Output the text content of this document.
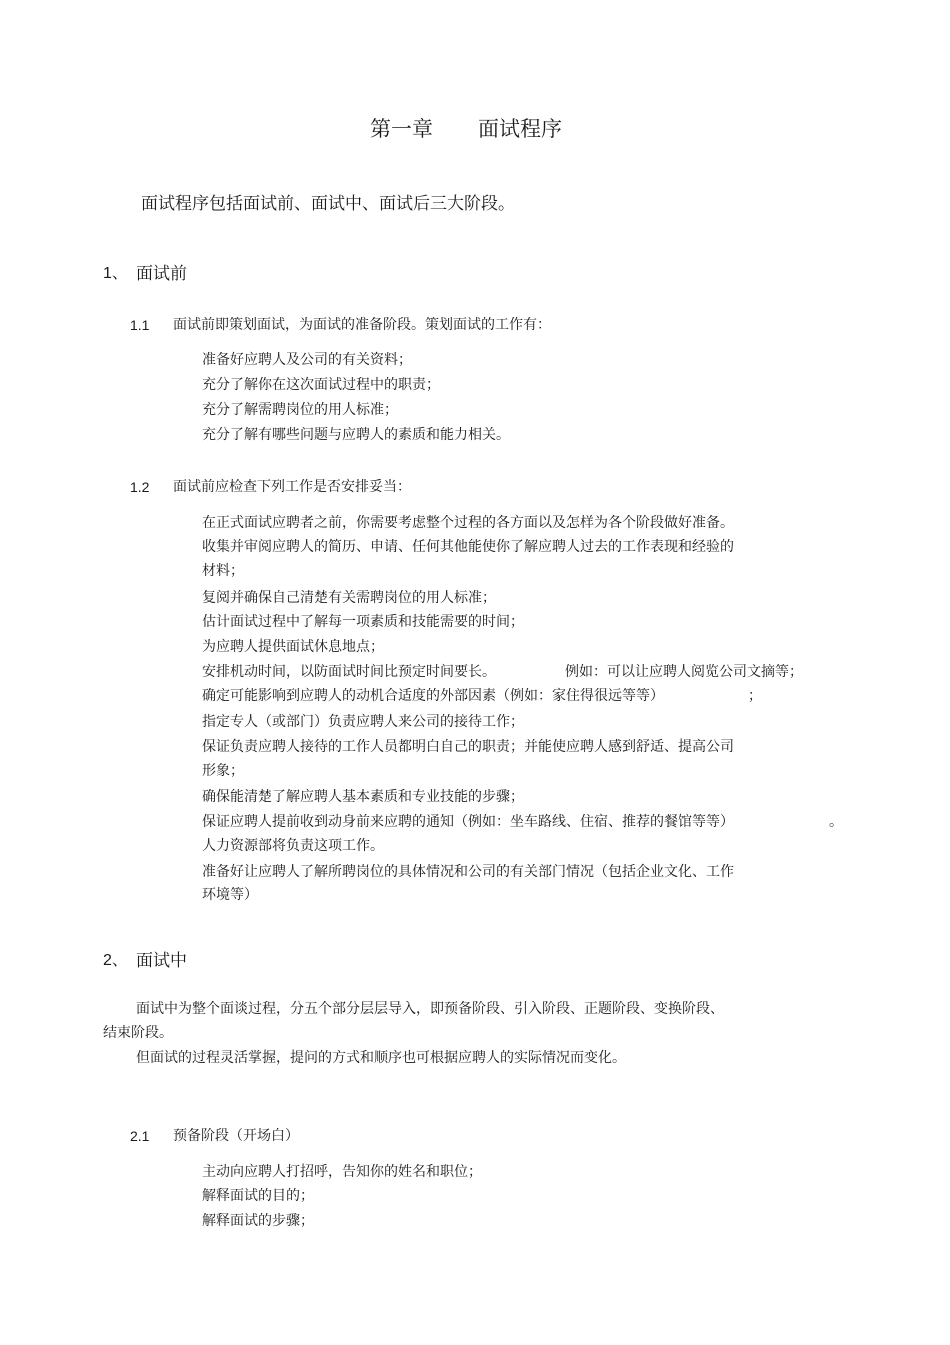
第一章 面试程序
面试程序包括面试前、面试中、面试后三大阶段。
1、 面试前
1.1 面试前即策划面试，为面试的准备阶段。策划面试的工作有：
准备好应聘人及公司的有关资料；
充分了解你在这次面试过程中的职责；
充分了解需聘岗位的用人标准；
充分了解有哪些问题与应聘人的素质和能力相关。
1.2 面试前应检查下列工作是否安排妥当：
在正式面试应聘者之前，你需要考虑整个过程的各方面以及怎样为各个阶段做好准备。
收集并审阅应聘人的简历、申请、任何其他能使你了解应聘人过去的工作表现和经验的
材料；
复阅并确保自己清楚有关需聘岗位的用人标准；
估计面试过程中了解每一项素质和技能需要的时间；
为应聘人提供面试休息地点；
安排机动时间，以防面试时间比预定时间要长。	例如：可以让应聘人阅览公司文摘等；
确定可能影响到应聘人的动机合适度的外部因素（例如：家住得很远等等）	；
指定专人（或部门）负责应聘人来公司的接待工作；
保证负责应聘人接待的工作人员都明白自己的职责；并能使应聘人感到舒适、提高公司
形象；
确保能清楚了解应聘人基本素质和专业技能的步骤；
保证应聘人提前收到动身前来应聘的通知（例如：坐车路线、住宿、推荐的餐馆等等）	。
人力资源部将负责这项工作。
准备好让应聘人了解所聘岗位的具体情况和公司的有关部门情况（包括企业文化、工作
环境等）
2、 面试中
面试中为整个面谈过程，分五个部分层层导入，即预备阶段、引入阶段、正题阶段、变换阶段、
结束阶段。
但面试的过程灵活掌握，提问的方式和顺序也可根据应聘人的实际情况而变化。
2.1 预备阶段（开场白）
主动向应聘人打招呼，告知你的姓名和职位；
解释面试的目的；
解释面试的步骤；
